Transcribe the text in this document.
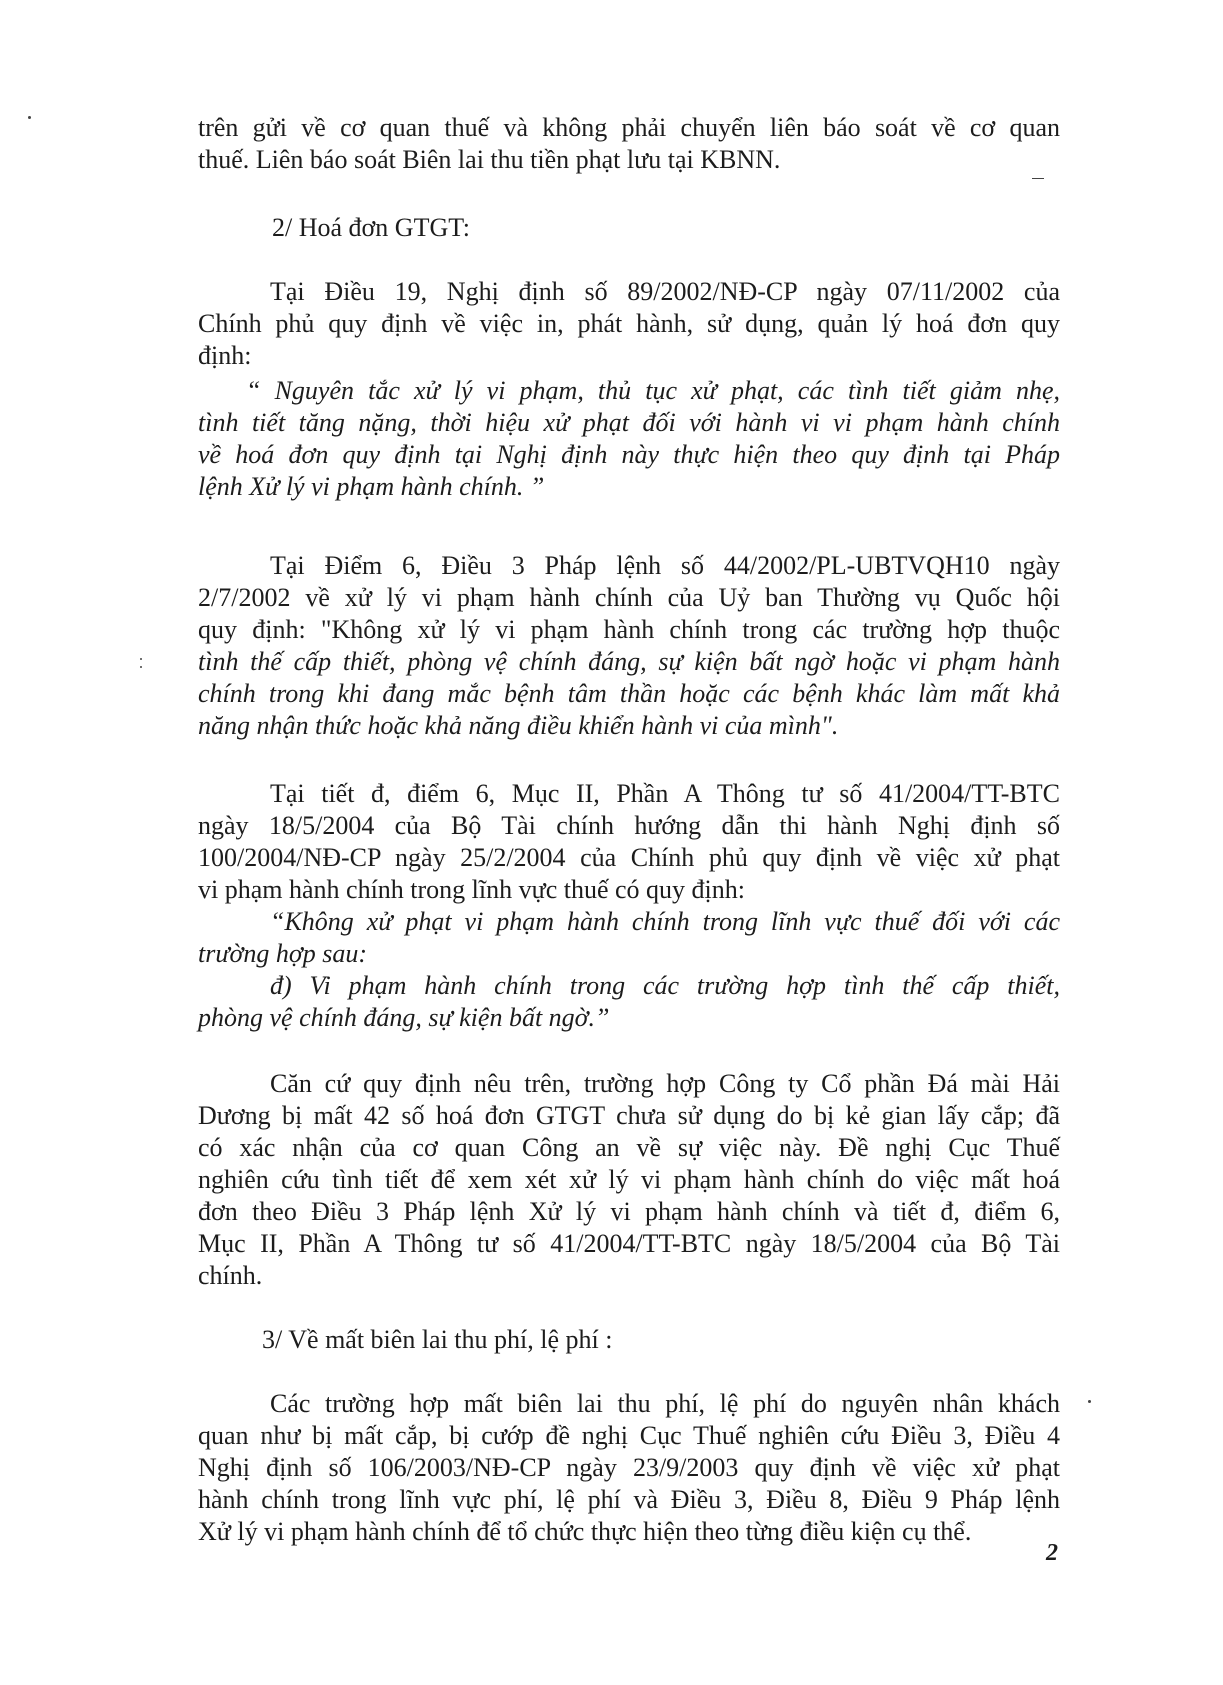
trên gửi về cơ quan thuế và không phải chuyển liên báo soát về cơ quan
thuế. Liên báo soát Biên lai thu tiền phạt lưu tại KBNN.
2/ Hoá đơn GTGT:
Tại Điều 19, Nghị định số 89/2002/NĐ-CP ngày 07/11/2002 của
Chính phủ quy định về việc in, phát hành, sử dụng, quản lý hoá đơn quy
định:
“ Nguyên tắc xử lý vi phạm, thủ tục xử phạt, các tình tiết giảm nhẹ,
tình tiết tăng nặng, thời hiệu xử phạt đối với hành vi vi phạm hành chính
về hoá đơn quy định tại Nghị định này thực hiện theo quy định tại Pháp
lệnh Xử lý vi phạm hành chính. ”
Tại Điểm 6, Điều 3 Pháp lệnh số 44/2002/PL-UBTVQH10 ngày
2/7/2002 về xử lý vi phạm hành chính của Uỷ ban Thường vụ Quốc hội
quy định: "Không xử lý vi phạm hành chính trong các trường hợp thuộc
tình thế cấp thiết, phòng vệ chính đáng, sự kiện bất ngờ hoặc vi phạm hành
chính trong khi đang mắc bệnh tâm thần hoặc các bệnh khác làm mất khả
năng nhận thức hoặc khả năng điều khiển hành vi của mình".
Tại tiết đ, điểm 6, Mục II, Phần A Thông tư số 41/2004/TT-BTC
ngày 18/5/2004 của Bộ Tài chính hướng dẫn thi hành Nghị định số
100/2004/NĐ-CP ngày 25/2/2004 của Chính phủ quy định về việc xử phạt
vi phạm hành chính trong lĩnh vực thuế có quy định:
“Không xử phạt vi phạm hành chính trong lĩnh vực thuế đối với các
trường hợp sau:
đ) Vi phạm hành chính trong các trường hợp tình thế cấp thiết,
phòng vệ chính đáng, sự kiện bất ngờ.”
Căn cứ quy định nêu trên, trường hợp Công ty Cổ phần Đá mài Hải
Dương bị mất 42 số hoá đơn GTGT chưa sử dụng do bị kẻ gian lấy cắp; đã
có xác nhận của cơ quan Công an về sự việc này. Đề nghị Cục Thuế
nghiên cứu tình tiết để xem xét xử lý vi phạm hành chính do việc mất hoá
đơn theo Điều 3 Pháp lệnh Xử lý vi phạm hành chính và tiết đ, điểm 6,
Mục II, Phần A Thông tư số 41/2004/TT-BTC ngày 18/5/2004 của Bộ Tài
chính.
3/ Về mất biên lai thu phí, lệ phí :
Các trường hợp mất biên lai thu phí, lệ phí do nguyên nhân khách
quan như bị mất cắp, bị cướp đề nghị Cục Thuế nghiên cứu Điều 3, Điều 4
Nghị định số 106/2003/NĐ-CP ngày 23/9/2003 quy định về việc xử phạt
hành chính trong lĩnh vực phí, lệ phí và Điều 3, Điều 8, Điều 9 Pháp lệnh
Xử lý vi phạm hành chính để tổ chức thực hiện theo từng điều kiện cụ thể.
2
